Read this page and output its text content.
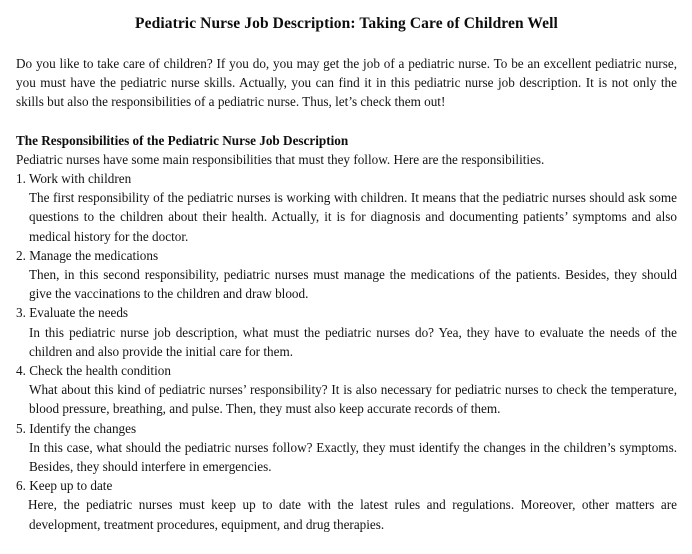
Pediatric Nurse Job Description: Taking Care of Children Well

Do you like to take care of children? If you do, you may get the job of a pediatric nurse. To be an excellent pediatric nurse, you must have the pediatric nurse skills. Actually, you can find it in this pediatric nurse job description. It is not only the skills but also the responsibilities of a pediatric nurse. Thus, let’s check them out!

The Responsibilities of the Pediatric Nurse Job Description

Pediatric nurses have some main responsibilities that must they follow. Here are the responsibilities.

1. Work with children

The first responsibility of the pediatric nurses is working with children. It means that the pediatric nurses should ask some questions to the children about their health. Actually, it is for diagnosis and documenting patients’ symptoms and also medical history for the doctor.

2. Manage the medications

Then, in this second responsibility, pediatric nurses must manage the medications of the patients. Besides, they should give the vaccinations to the children and draw blood.

3. Evaluate the needs

In this pediatric nurse job description, what must the pediatric nurses do? Yea, they have to evaluate the needs of the children and also provide the initial care for them.

4. Check the health condition

What about this kind of pediatric nurses’ responsibility? It is also necessary for pediatric nurses to check the temperature, blood pressure, breathing, and pulse. Then, they must also keep accurate records of them.

5. Identify the changes

In this case, what should the pediatric nurses follow? Exactly, they must identify the changes in the children’s symptoms. Besides, they should interfere in emergencies.

6. Keep up to date

Here, the pediatric nurses must keep up to date with the latest rules and regulations. Moreover, other matters are development, treatment procedures, equipment, and drug therapies.
